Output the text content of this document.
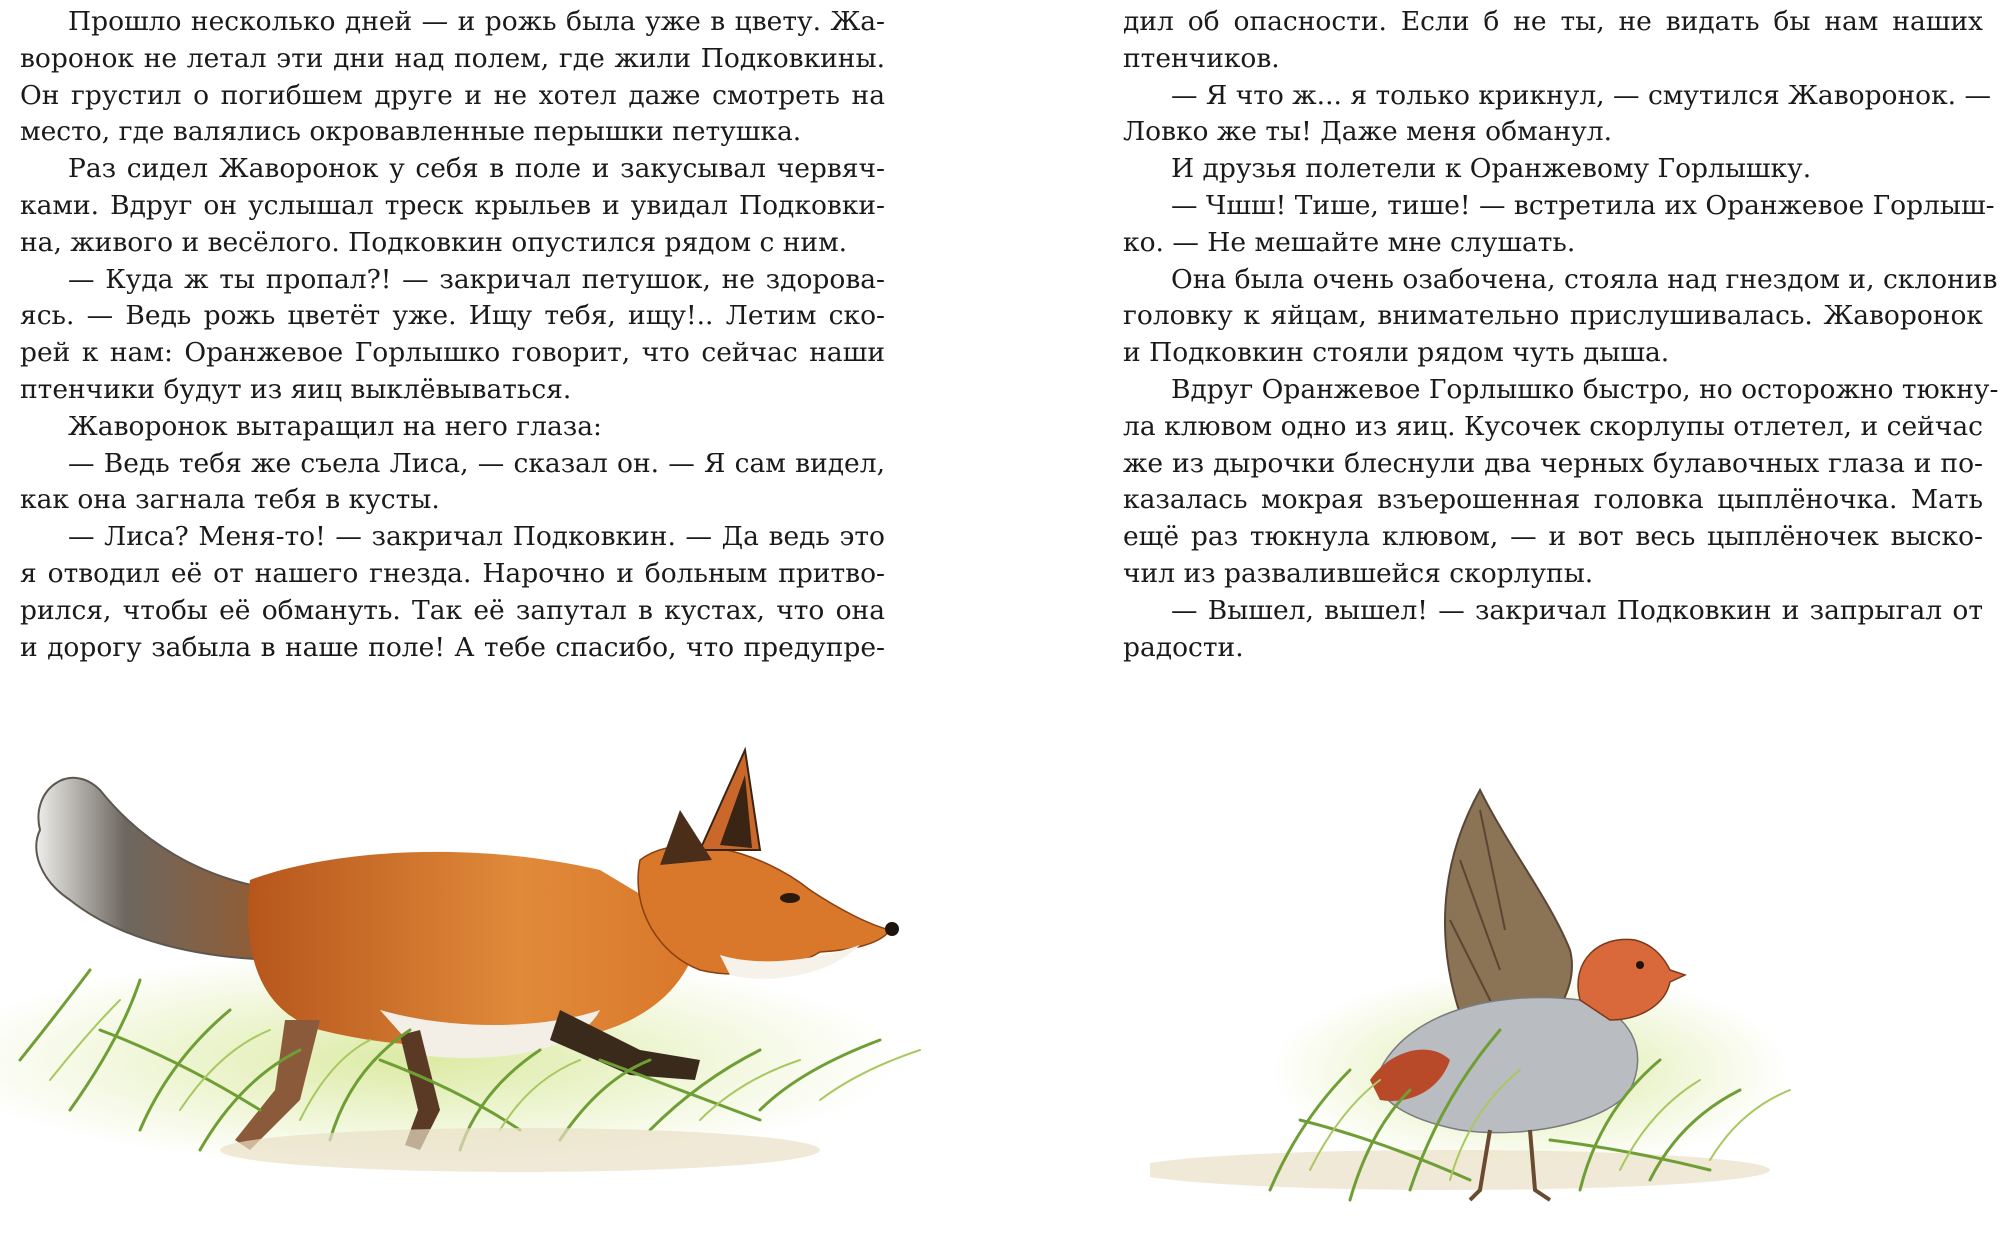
Прошло несколько дней — и рожь была уже в цвету. Жа-
воронок не летал эти дни над полем, где жили Подковкины.
Он грустил о погибшем друге и не хотел даже смотреть на
место, где валялись окровавленные перышки петушка.
Раз сидел Жаворонок у себя в поле и закусывал червяч-
ками. Вдруг он услышал треск крыльев и увидал Подковки-
на, живого и весёлого. Подковкин опустился рядом с ним.
— Куда ж ты пропал?! — закричал петушок, не здорова-
ясь. — Ведь рожь цветёт уже. Ищу тебя, ищу!.. Летим ско-
рей к нам: Оранжевое Горлышко говорит, что сейчас наши
птенчики будут из яиц выклёвываться.
Жаворонок вытаращил на него глаза:
— Ведь тебя же съела Лиса, — сказал он. — Я сам видел,
как она загнала тебя в кусты.
— Лиса? Меня-то! — закричал Подковкин. — Да ведь это
я отводил её от нашего гнезда. Нарочно и больным притво-
рился, чтобы её обмануть. Так её запутал в кустах, что она
и дорогу забыла в наше поле! А тебе спасибо, что предупре-
дил об опасности. Если б не ты, не видать бы нам наших
птенчиков.
— Я что ж... я только крикнул, — смутился Жаворонок. —
Ловко же ты! Даже меня обманул.
И друзья полетели к Оранжевому Горлышку.
— Чшш! Тише, тише! — встретила их Оранжевое Горлыш-
ко. — Не мешайте мне слушать.
Она была очень озабочена, стояла над гнездом и, склонив
головку к яйцам, внимательно прислушивалась. Жаворонок
и Подковкин стояли рядом чуть дыша.
Вдруг Оранжевое Горлышко быстро, но осторожно тюкну-
ла клювом одно из яиц. Кусочек скорлупы отлетел, и сейчас
же из дырочки блеснули два черных булавочных глаза и по-
казалась мокрая взъерошенная головка цыплёночка. Мать
ещё раз тюкнула клювом, — и вот весь цыплёночек выско-
чил из развалившейся скорлупы.
— Вышел, вышел! — закричал Подковкин и запрыгал от
радости.
